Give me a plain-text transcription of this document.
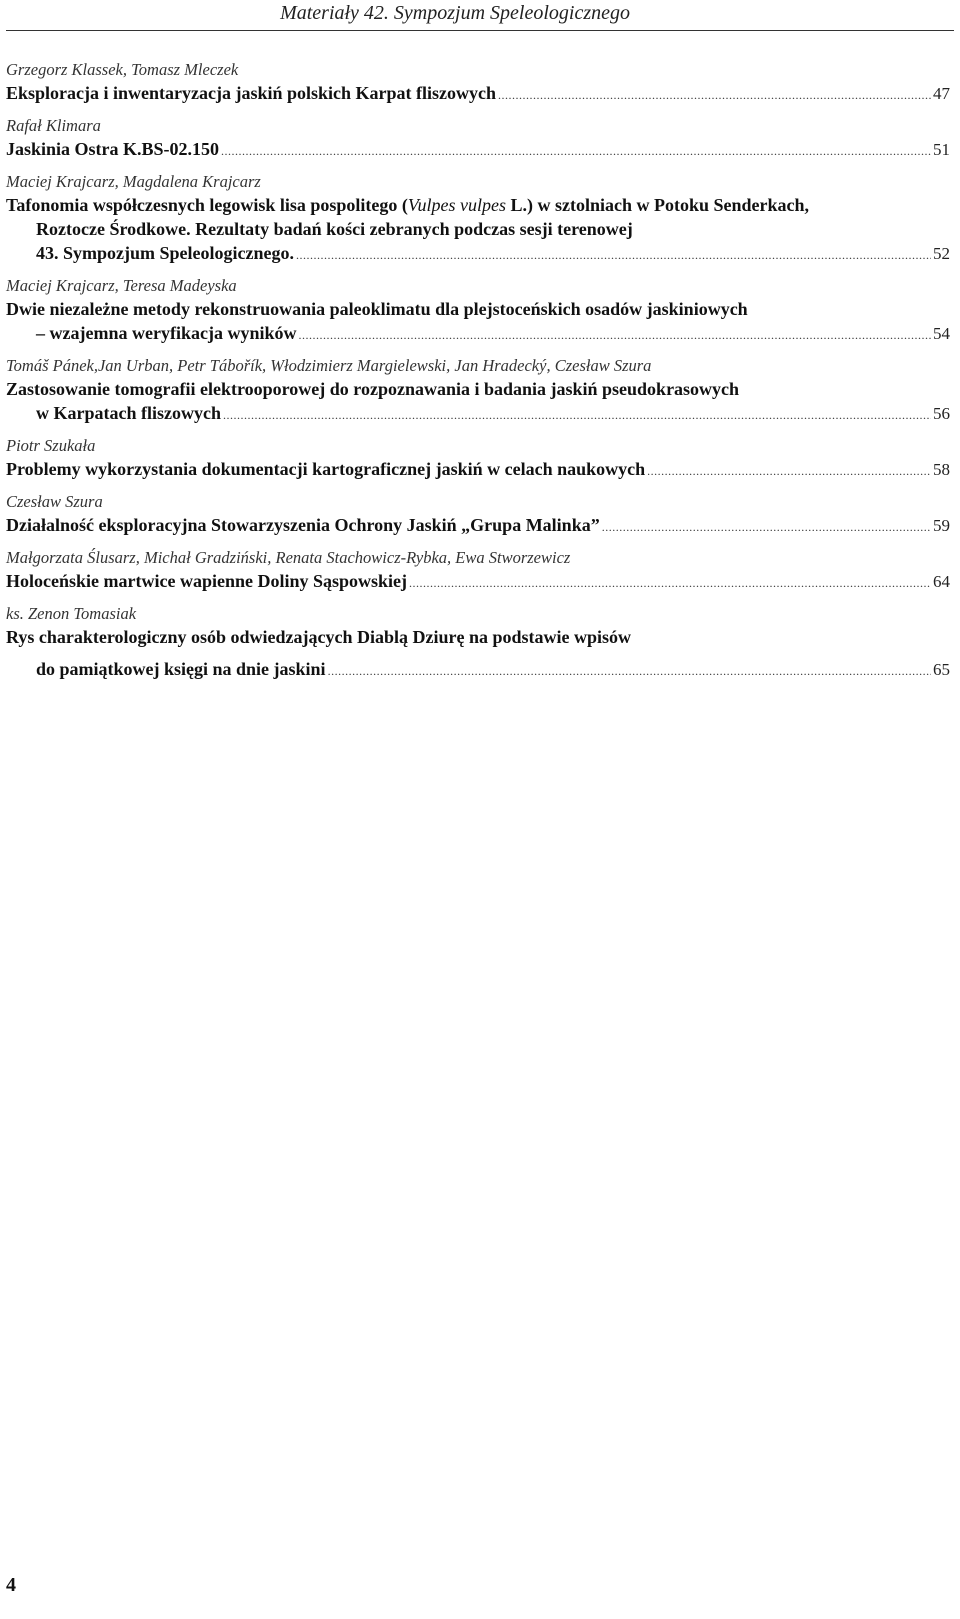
Materiały 42. Sympozjum Speleologicznego
Grzegorz Klassek, Tomasz Mleczek
Eksploracja i inwentaryzacja jaskiń polskich Karpat fliszowych .....	47
Rafał Klimara
Jaskinia Ostra K.BS-02.150 .....	51
Maciej Krajcarz, Magdalena Krajcarz
Tafonomia współczesnych legowisk lisa pospolitego (Vulpes vulpes L.) w sztolniach w Potoku Senderkach,
Roztocze Środkowe. Rezultaty badań kości zebranych podczas sesji terenowej
43. Sympozjum Speleologicznego. .....	52
Maciej Krajcarz, Teresa Madeyska
Dwie niezależne metody rekonstruowania paleoklimatu dla plejstoceńskich osadów jaskiniowych
– wzajemna weryfikacja wyników .....	54
Tomáš Pánek,Jan Urban, Petr Tábořík, Włodzimierz Margielewski, Jan Hradecký, Czesław Szura
Zastosowanie tomografii elektrooporowej do rozpoznawania i badania jaskiń pseudokrasowych
w Karpatach fliszowych .....	56
Piotr Szukała
Problemy wykorzystania dokumentacji kartograficznej jaskiń w celach naukowych .....	58
Czesław Szura
Działalność eksploracyjna Stowarzyszenia Ochrony Jaskiń „Grupa Malinka” .....	59
Małgorzata Ślusarz, Michał Gradziński, Renata Stachowicz-Rybka, Ewa Stworzewicz
Holoceńskie martwice wapienne Doliny Sąspowskiej .....	64
ks. Zenon Tomasiak
Rys charakterologiczny osób odwiedzających Diablą Dziurę na podstawie wpisów
do pamiątkowej księgi na dnie jaskini .....	65
4
